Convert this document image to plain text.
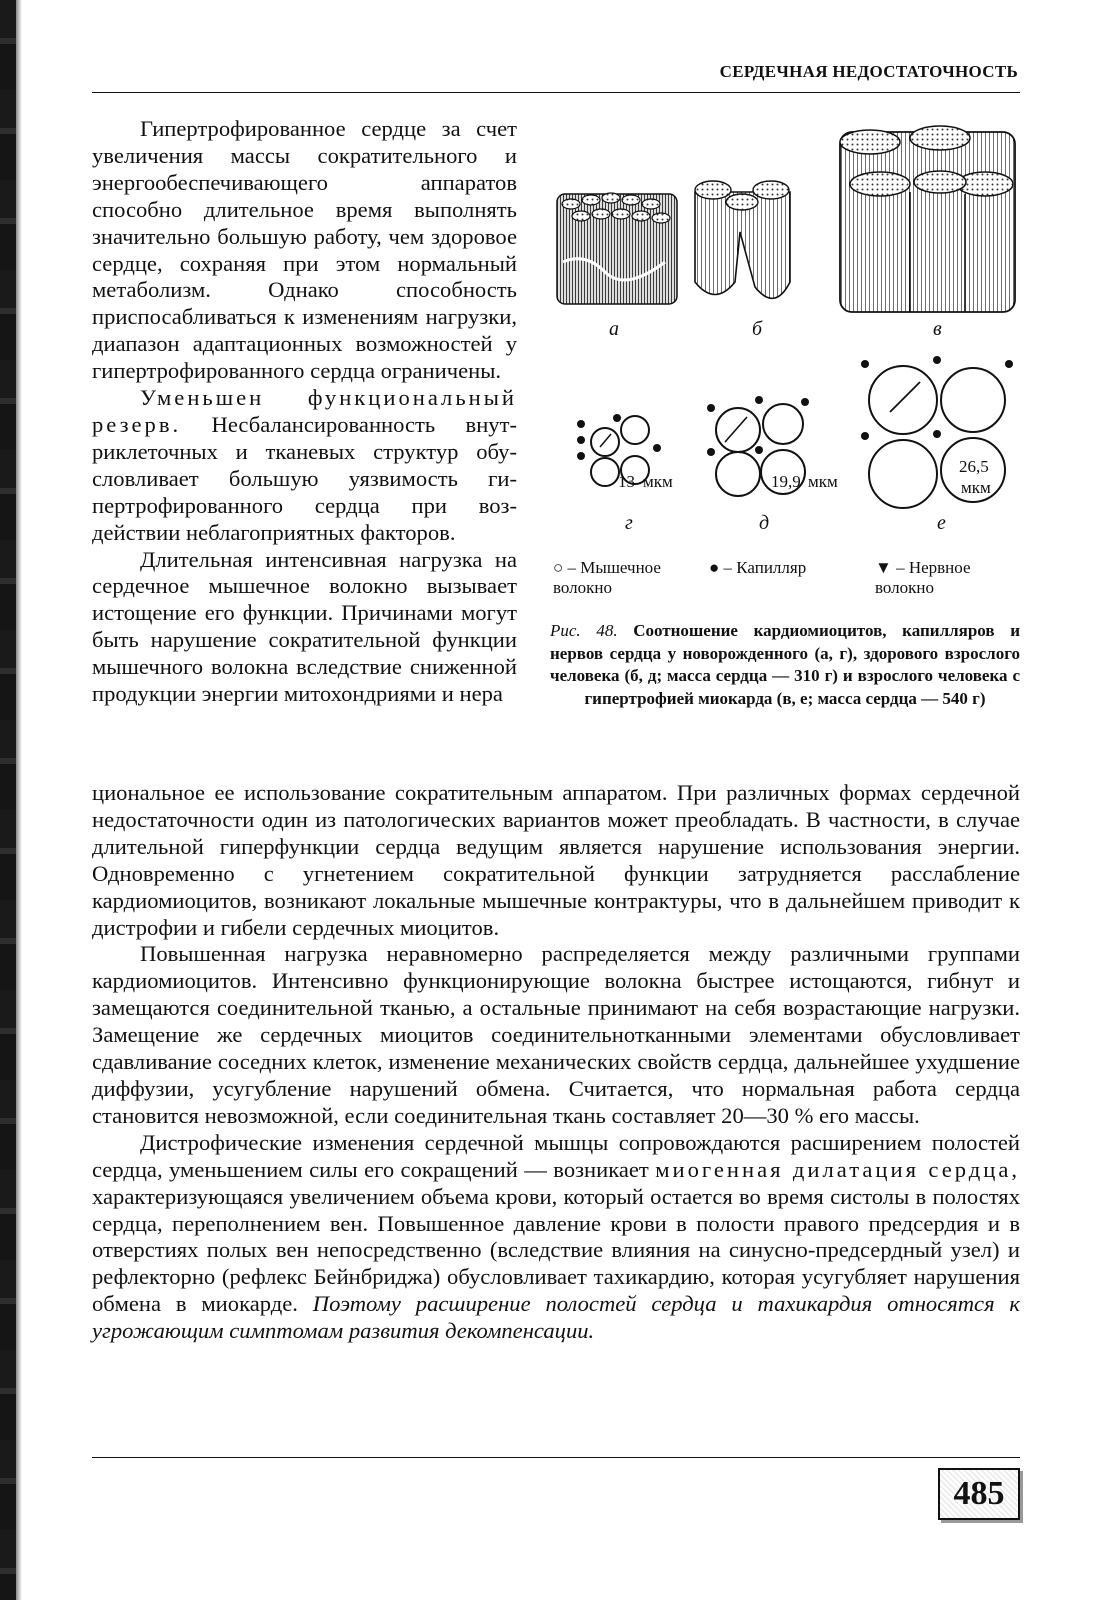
СЕРДЕЧНАЯ НЕДОСТАТОЧНОСТЬ

Гипертрофированное сердце за счет увеличения массы сократительного и энергообеспечивающего аппаратов способно длительное время выполнять значительно большую работу, чем здоровое сердце, сохраняя при этом нормальный метаболизм. Однако способность приспосабливаться к изменениям нагрузки, диапазон адаптационных возможностей у гипертрофированного сердца ограничены.

Уменьшен функциональный резерв. Несбалансированность внутриклеточных и тканевых структур обусловливает большую уязвимость гипертрофированного сердца при воздействии неблагоприятных факторов.

Длительная интенсивная нагрузка на сердечное мышечное волокно вызывает истощение его функции. Причинами могут быть нарушение сократительной функции мышечного волокна вследствие сниженной продукции энергии митохондриями и нера

а	б	в
г	д	е
13 мкм	19,9 мкм
26,5
мкм
○ – Мышечное волокно
● – Капилляр	▼ – Нервное волокно
Рис. 48. Соотношение кардиомиоцитов, капилляров и нервов сердца у новорожденного (а, г), здорового взрослого человека (б, д; масса сердца — 310 г) и взрослого человека с гипертрофией миокарда (в, е; масса сердца — 540 г)

циональное ее использование сократительным аппаратом. При различных формах сердечной недостаточности один из патологических вариантов может преобладать. В частности, в случае длительной гиперфункции сердца ведущим является нарушение использования энергии. Одновременно с угнетением сократительной функции затрудняется расслабление кардиомиоцитов, возникают локальные мышечные контрактуры, что в дальнейшем приводит к дистрофии и гибели сердечных миоцитов.

Повышенная нагрузка неравномерно распределяется между различными группами кардиомиоцитов. Интенсивно функционирующие волокна быстрее истощаются, гибнут и замещаются соединительной тканью, а остальные принимают на себя возрастающие нагрузки. Замещение же сердечных миоцитов соединительнотканными элементами обусловливает сдавливание соседних клеток, изменение механических свойств сердца, дальнейшее ухудшение диффузии, усугубление нарушений обмена. Считается, что нормальная работа сердца становится невозможной, если соединительная ткань составляет 20—30 % его массы.

Дистрофические изменения сердечной мышцы сопровождаются расширением полостей сердца, уменьшением силы его сокращений — возникает миогенная дилатация сердца, характеризующаяся увеличением объема крови, который остается во время систолы в полостях сердца, переполнением вен. Повышенное давление крови в полости правого предсердия и в отверстиях полых вен непосредственно (вследствие влияния на синусно-предсердный узел) и рефлекторно (рефлекс Бейнбриджа) обусловливает тахикардию, которая усугубляет нарушения обмена в миокарде. Поэтому расширение полостей сердца и тахикардия относятся к угрожающим симптомам развития декомпенсации.

485
